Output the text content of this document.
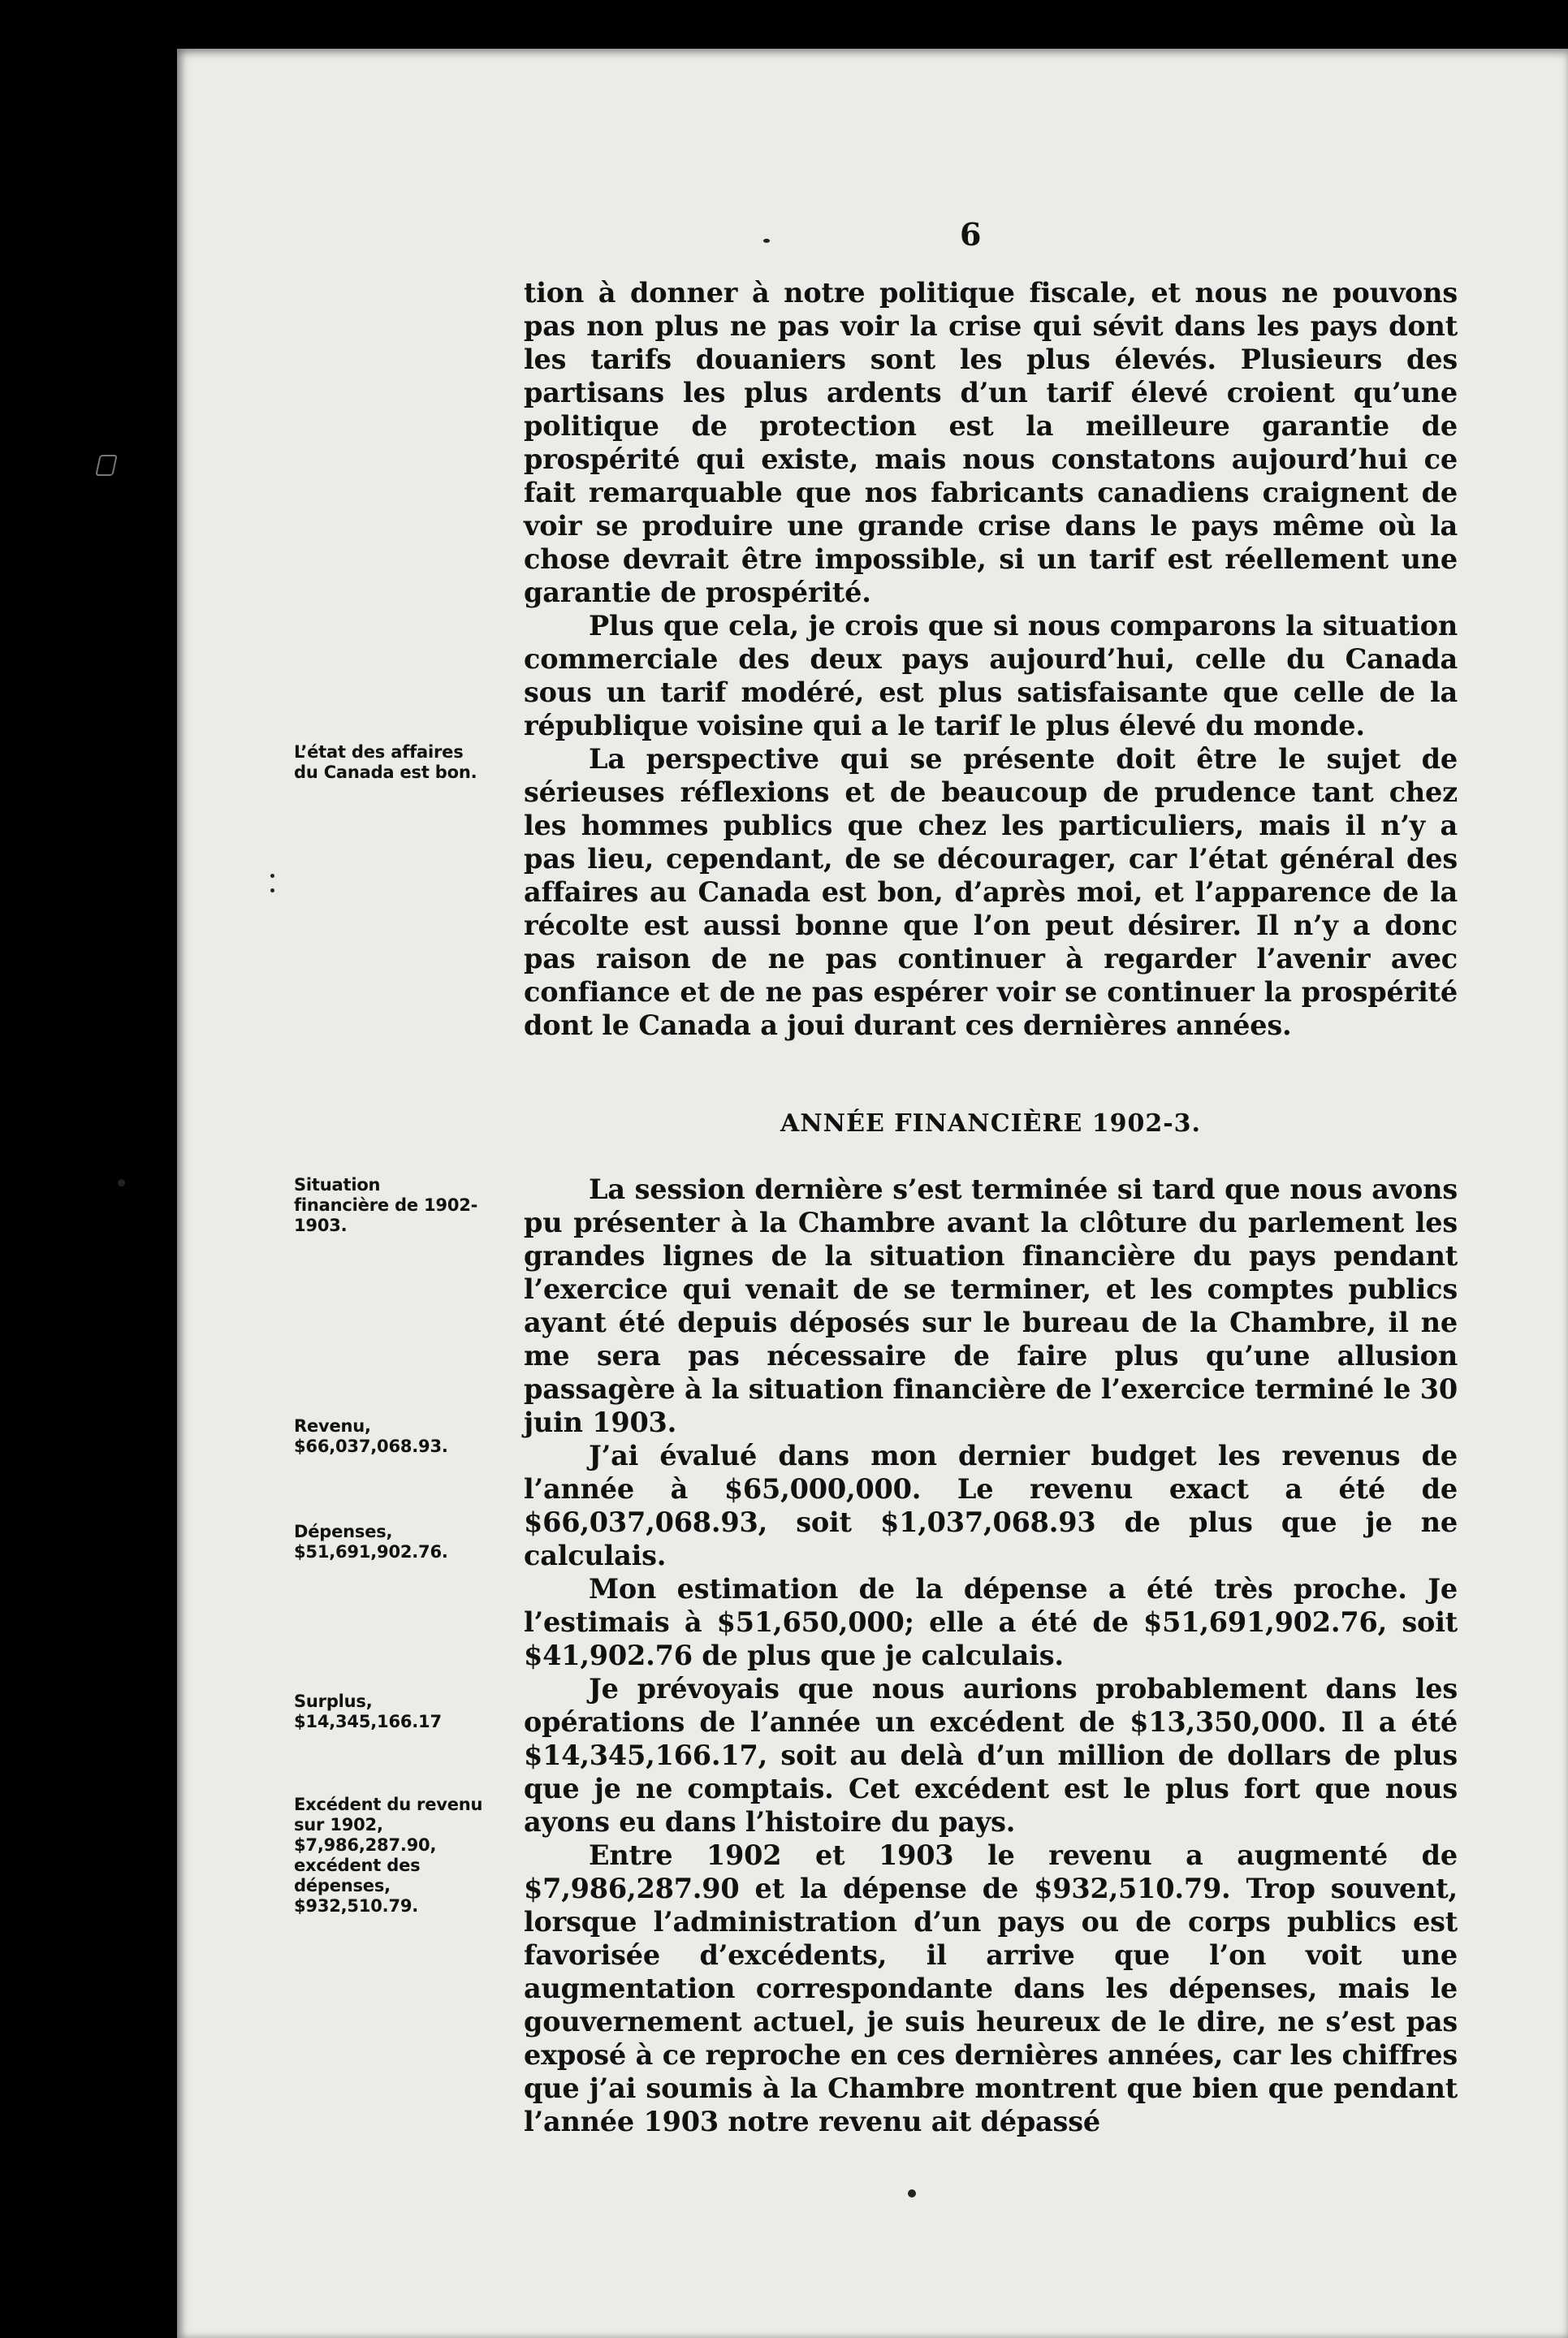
6

tion à donner à notre politique fiscale, et nous ne pouvons pas non plus ne pas voir la crise qui sévit dans les pays dont les tarifs douaniers sont les plus élevés. Plusieurs des partisans les plus ardents d’un tarif élevé croient qu’une politique de protection est la meilleure garantie de prospérité qui existe, mais nous constatons aujourd’hui ce fait remarquable que nos fabricants canadiens craignent de voir se produire une grande crise dans le pays même où la chose devrait être impossible, si un tarif est réellement une garantie de prospérité.

Plus que cela, je crois que si nous comparons la situation commerciale des deux pays aujourd’hui, celle du Canada sous un tarif modéré, est plus satisfaisante que celle de la république voisine qui a le tarif le plus élevé du monde.

La perspective qui se présente doit être le sujet de sérieuses réflexions et de beaucoup de prudence tant chez les hommes publics que chez les particuliers, mais il n’y a pas lieu, cependant, de se décourager, car l’état général des affaires au Canada est bon, d’après moi, et l’apparence de la récolte est aussi bonne que l’on peut désirer. Il n’y a donc pas raison de ne pas continuer à regarder l’avenir avec confiance et de ne pas espérer voir se continuer la prospérité dont le Canada a joui durant ces dernières années.

ANNÉE FINANCIÈRE 1902-3.

La session dernière s’est terminée si tard que nous avons pu présenter à la Chambre avant la clôture du parlement les grandes lignes de la situation financière du pays pendant l’exercice qui venait de se terminer, et les comptes publics ayant été depuis déposés sur le bureau de la Chambre, il ne me sera pas nécessaire de faire plus qu’une allusion passagère à la situation financière de l’exercice terminé le 30 juin 1903.

J’ai évalué dans mon dernier budget les revenus de l’année à $65,000,000. Le revenu exact a été de $66,037,068.93, soit $1,037,068.93 de plus que je ne calculais.

Mon estimation de la dépense a été très proche. Je l’estimais à $51,650,000; elle a été de $51,691,902.76, soit $41,902.76 de plus que je calculais.

Je prévoyais que nous aurions probablement dans les opérations de l’année un excédent de $13,350,000. Il a été $14,345,166.17, soit au delà d’un million de dollars de plus que je ne comptais. Cet excédent est le plus fort que nous ayons eu dans l’histoire du pays.

Entre 1902 et 1903 le revenu a augmenté de $7,986,287.90 et la dépense de $932,510.79. Trop souvent, lorsque l’administration d’un pays ou de corps publics est favorisée d’excédents, il arrive que l’on voit une augmentation correspondante dans les dépenses, mais le gouvernement actuel, je suis heureux de le dire, ne s’est pas exposé à ce reproche en ces dernières années, car les chiffres que j’ai soumis à la Chambre montrent que bien que pendant l’année 1903 notre revenu ait dépassé

L’état des affaires du Canada est bon.
Situation financière de 1902-1903.
Revenu, $66,037,068.93.
Dépenses, $51,691,902.76.
Surplus, $14,345,166.17
Excédent du revenu sur 1902, $7,986,287.90, excédent des dépenses, $932,510.79.
